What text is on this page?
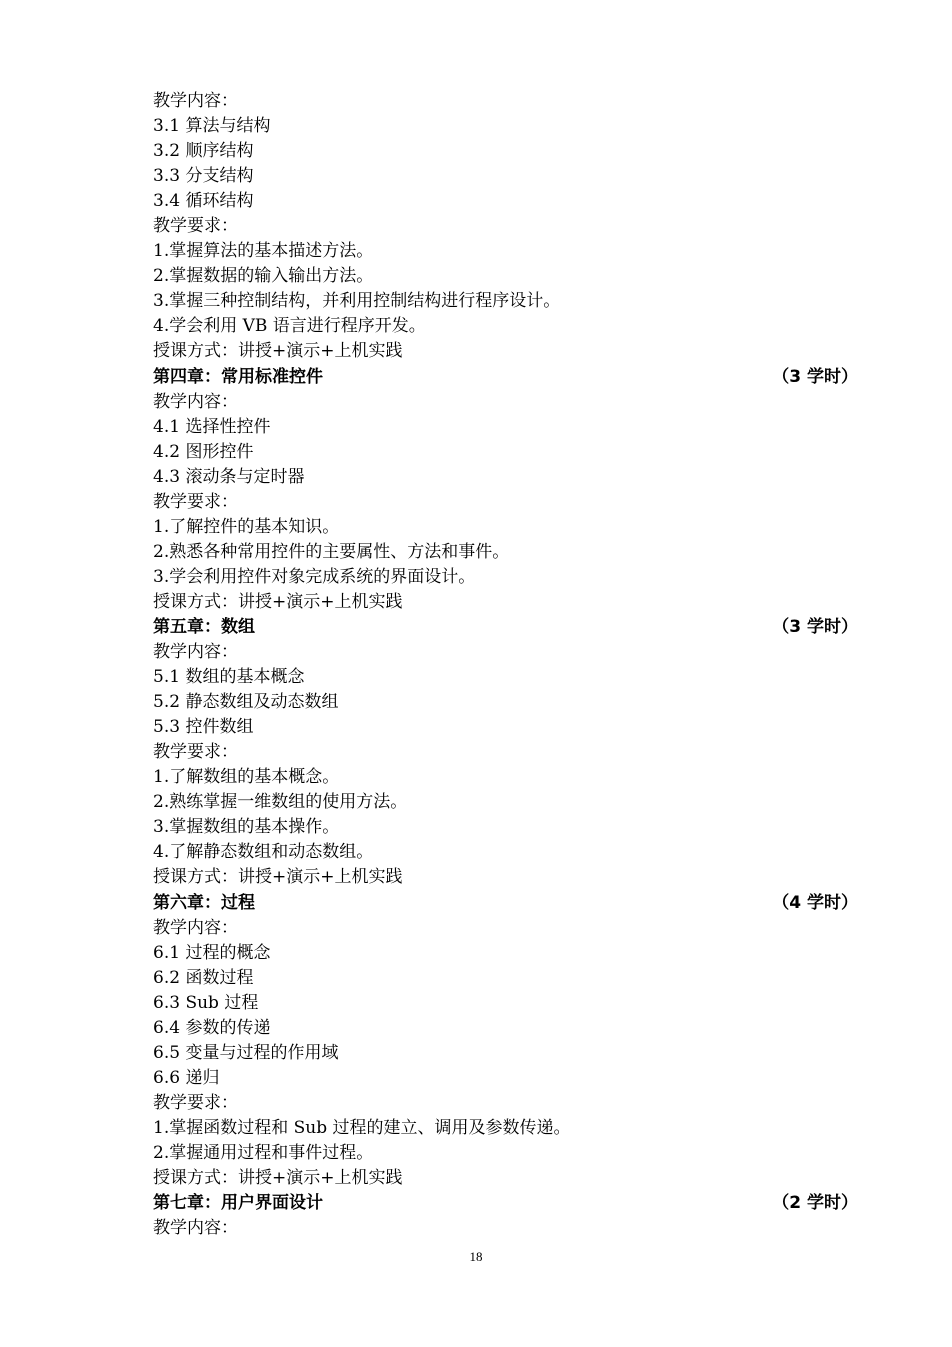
教学内容：
3.1 算法与结构
3.2 顺序结构
3.3 分支结构
3.4 循环结构
教学要求：
1.掌握算法的基本描述方法。
2.掌握数据的输入输出方法。
3.掌握三种控制结构，并利用控制结构进行程序设计。
4.学会利用 VB 语言进行程序开发。
授课方式：讲授+演示+上机实践
第四章：常用标准控件	（3 学时）
教学内容：
4.1 选择性控件
4.2 图形控件
4.3 滚动条与定时器
教学要求：
1.了解控件的基本知识。
2.熟悉各种常用控件的主要属性、方法和事件。
3.学会利用控件对象完成系统的界面设计。
授课方式：讲授+演示+上机实践
第五章：数组	（3 学时）
教学内容：
5.1 数组的基本概念
5.2 静态数组及动态数组
5.3 控件数组
教学要求：
1.了解数组的基本概念。
2.熟练掌握一维数组的使用方法。
3.掌握数组的基本操作。
4.了解静态数组和动态数组。
授课方式：讲授+演示+上机实践
第六章：过程	（4 学时）
教学内容：
6.1 过程的概念
6.2 函数过程
6.3 Sub 过程
6.4 参数的传递
6.5 变量与过程的作用域
6.6 递归
教学要求：
1.掌握函数过程和 Sub 过程的建立、调用及参数传递。
2.掌握通用过程和事件过程。
授课方式：讲授+演示+上机实践
第七章：用户界面设计	（2 学时）
教学内容：
18
